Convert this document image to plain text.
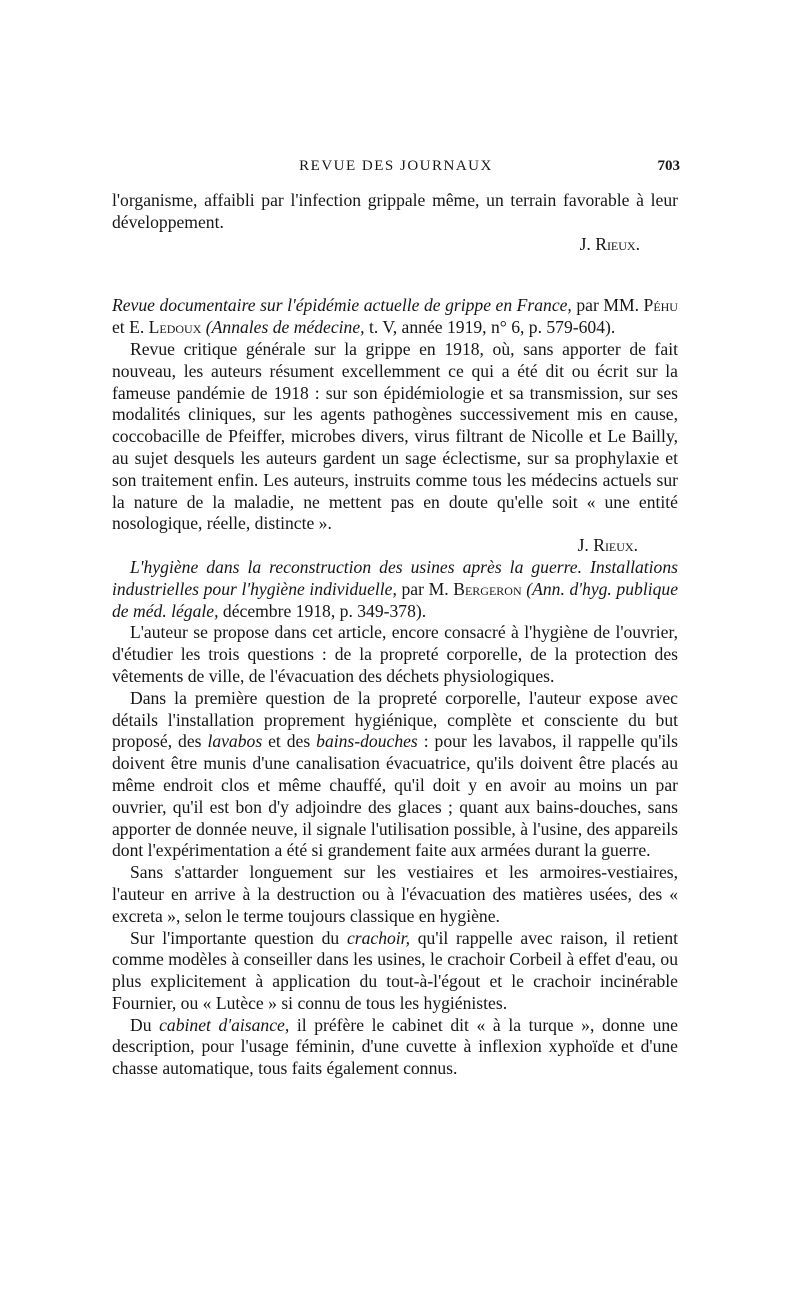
REVUE DES JOURNAUX	703

l'organisme, affaibli par l'infection grippale même, un terrain favorable à leur développement.

J. Rieux.

Revue documentaire sur l'épidémie actuelle de grippe en France, par MM. Péhu et E. Ledoux (Annales de médecine, t. V, année 1919, n° 6, p. 579-604).

Revue critique générale sur la grippe en 1918, où, sans apporter de fait nouveau, les auteurs résument excellemment ce qui a été dit ou écrit sur la fameuse pandémie de 1918 : sur son épidémiologie et sa transmission, sur ses modalités cliniques, sur les agents pathogènes successivement mis en cause, coccobacille de Pfeiffer, microbes divers, virus filtrant de Nicolle et Le Bailly, au sujet desquels les auteurs gardent un sage éclectisme, sur sa prophylaxie et son traitement enfin. Les auteurs, instruits comme tous les médecins actuels sur la nature de la maladie, ne mettent pas en doute qu'elle soit « une entité nosologique, réelle, distincte ».

J. Rieux.

L'hygiène dans la reconstruction des usines après la guerre. Installations industrielles pour l'hygiène individuelle, par M. Bergeron (Ann. d'hyg. publique de méd. légale, décembre 1918, p. 349-378).

L'auteur se propose dans cet article, encore consacré à l'hygiène de l'ouvrier, d'étudier les trois questions : de la propreté corporelle, de la protection des vêtements de ville, de l'évacuation des déchets physiologiques.

Dans la première question de la propreté corporelle, l'auteur expose avec détails l'installation proprement hygiénique, complète et consciente du but proposé, des lavabos et des bains-douches : pour les lavabos, il rappelle qu'ils doivent être munis d'une canalisation évacuatrice, qu'ils doivent être placés au même endroit clos et même chauffé, qu'il doit y en avoir au moins un par ouvrier, qu'il est bon d'y adjoindre des glaces ; quant aux bains-douches, sans apporter de donnée neuve, il signale l'utilisation possible, à l'usine, des appareils dont l'expérimentation a été si grandement faite aux armées durant la guerre.

Sans s'attarder longuement sur les vestiaires et les armoires-vestiaires, l'auteur en arrive à la destruction ou à l'évacuation des matières usées, des « excreta », selon le terme toujours classique en hygiène.

Sur l'importante question du crachoir, qu'il rappelle avec raison, il retient comme modèles à conseiller dans les usines, le crachoir Corbeil à effet d'eau, ou plus explicitement à application du tout-à-l'égout et le crachoir incinérable Fournier, ou « Lutèce » si connu de tous les hygiénistes.

Du cabinet d'aisance, il préfère le cabinet dit « à la turque », donne une description, pour l'usage féminin, d'une cuvette à inflexion xyphoïde et d'une chasse automatique, tous faits également connus.
